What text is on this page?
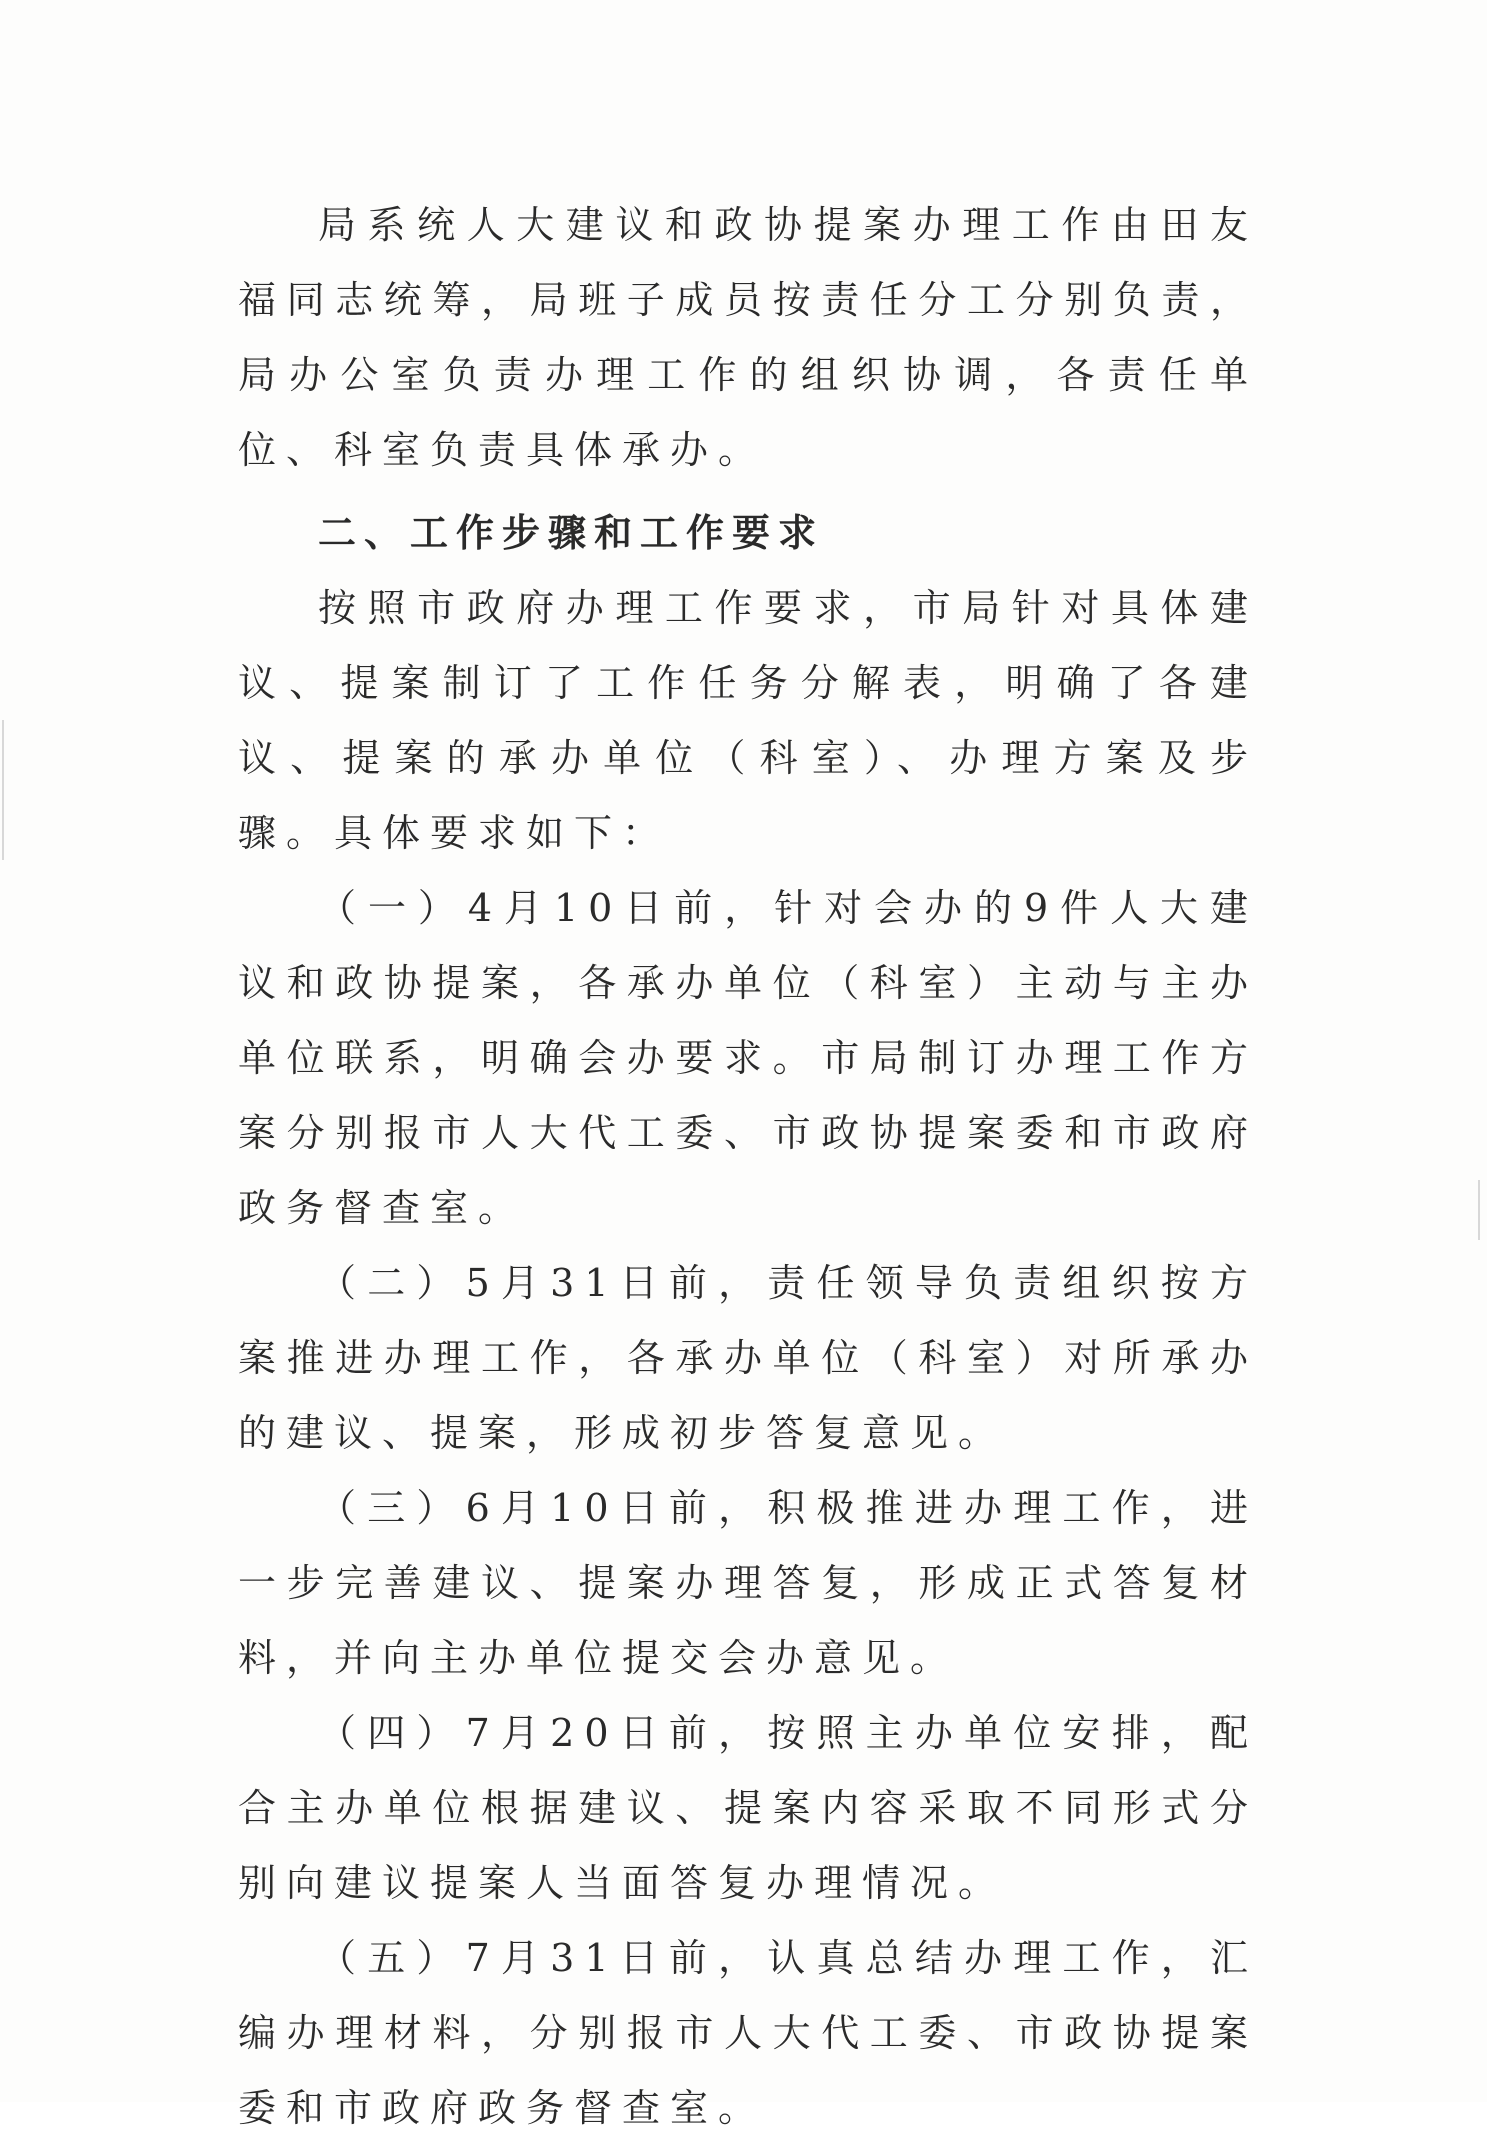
局系统人大建议和政协提案办理工作由田友福同志统筹，局班子成员按责任分工分别负责，局办公室负责办理工作的组织协调，各责任单位、科室负责具体承办。

二、工作步骤和工作要求

按照市政府办理工作要求，市局针对具体建议、提案制订了工作任务分解表，明确了各建议、提案的承办单位（科室）、办理方案及步骤。具体要求如下：

（一）4月10日前，针对会办的9件人大建议和政协提案，各承办单位（科室）主动与主办单位联系，明确会办要求。市局制订办理工作方案分别报市人大代工委、市政协提案委和市政府政务督查室。

（二）5月31日前，责任领导负责组织按方案推进办理工作，各承办单位（科室）对所承办的建议、提案，形成初步答复意见。

（三）6月10日前，积极推进办理工作，进一步完善建议、提案办理答复，形成正式答复材料，并向主办单位提交会办意见。

（四）7月20日前，按照主办单位安排，配合主办单位根据建议、提案内容采取不同形式分别向建议提案人当面答复办理情况。

（五）7月31日前，认真总结办理工作，汇编办理材料，分别报市人大代工委、市政协提案委和市政府政务督查室。
